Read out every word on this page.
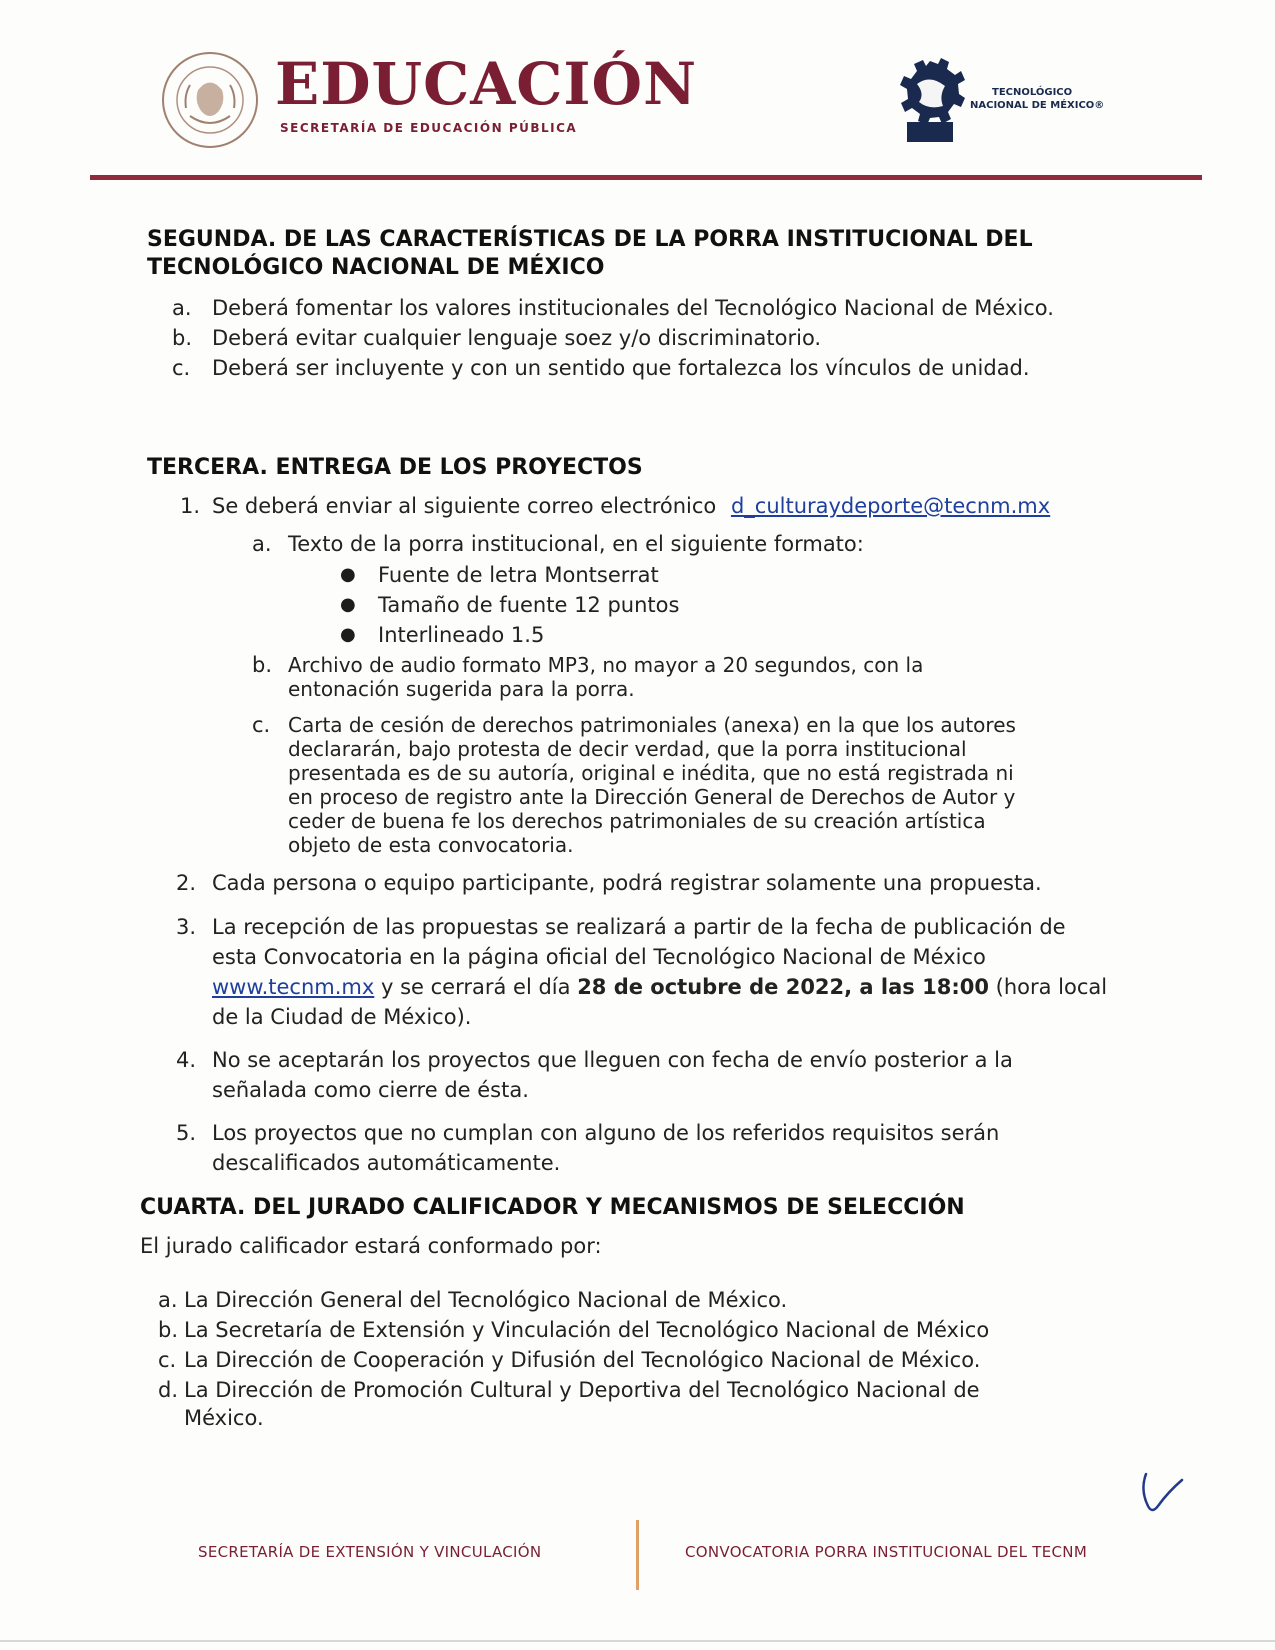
EDUCACIÓN
SECRETARÍA DE EDUCACIÓN PÚBLICA
TECNOLÓGICO
NACIONAL DE MÉXICO®
SEGUNDA. DE LAS CARACTERÍSTICAS DE LA PORRA INSTITUCIONAL DEL
TECNOLÓGICO NACIONAL DE MÉXICO
a. Deberá fomentar los valores institucionales del Tecnológico Nacional de México.
b. Deberá evitar cualquier lenguaje soez y/o discriminatorio.
c. Deberá ser incluyente y con un sentido que fortalezca los vínculos de unidad.
TERCERA. ENTREGA DE LOS PROYECTOS
1. Se deberá enviar al siguiente correo electrónico d_culturaydeporte@tecnm.mx
a. Texto de la porra institucional, en el siguiente formato:
● Fuente de letra Montserrat
● Tamaño de fuente 12 puntos
● Interlineado 1.5
b. Archivo de audio formato MP3, no mayor a 20 segundos, con la
entonación sugerida para la porra.
c. Carta de cesión de derechos patrimoniales (anexa) en la que los autores
declararán, bajo protesta de decir verdad, que la porra institucional
presentada es de su autoría, original e inédita, que no está registrada ni
en proceso de registro ante la Dirección General de Derechos de Autor y
ceder de buena fe los derechos patrimoniales de su creación artística
objeto de esta convocatoria.
2. Cada persona o equipo participante, podrá registrar solamente una propuesta.
3. La recepción de las propuestas se realizará a partir de la fecha de publicación de
esta Convocatoria en la página oficial del Tecnológico Nacional de México
www.tecnm.mx y se cerrará el día 28 de octubre de 2022, a las 18:00 (hora local
de la Ciudad de México).
4. No se aceptarán los proyectos que lleguen con fecha de envío posterior a la
señalada como cierre de ésta.
5. Los proyectos que no cumplan con alguno de los referidos requisitos serán
descalificados automáticamente.
CUARTA. DEL JURADO CALIFICADOR Y MECANISMOS DE SELECCIÓN
El jurado calificador estará conformado por:
a. La Dirección General del Tecnológico Nacional de México.
b. La Secretaría de Extensión y Vinculación del Tecnológico Nacional de México
c. La Dirección de Cooperación y Difusión del Tecnológico Nacional de México.
d. La Dirección de Promoción Cultural y Deportiva del Tecnológico Nacional de
México.
SECRETARÍA DE EXTENSIÓN Y VINCULACIÓN	CONVOCATORIA PORRA INSTITUCIONAL DEL TECNM
